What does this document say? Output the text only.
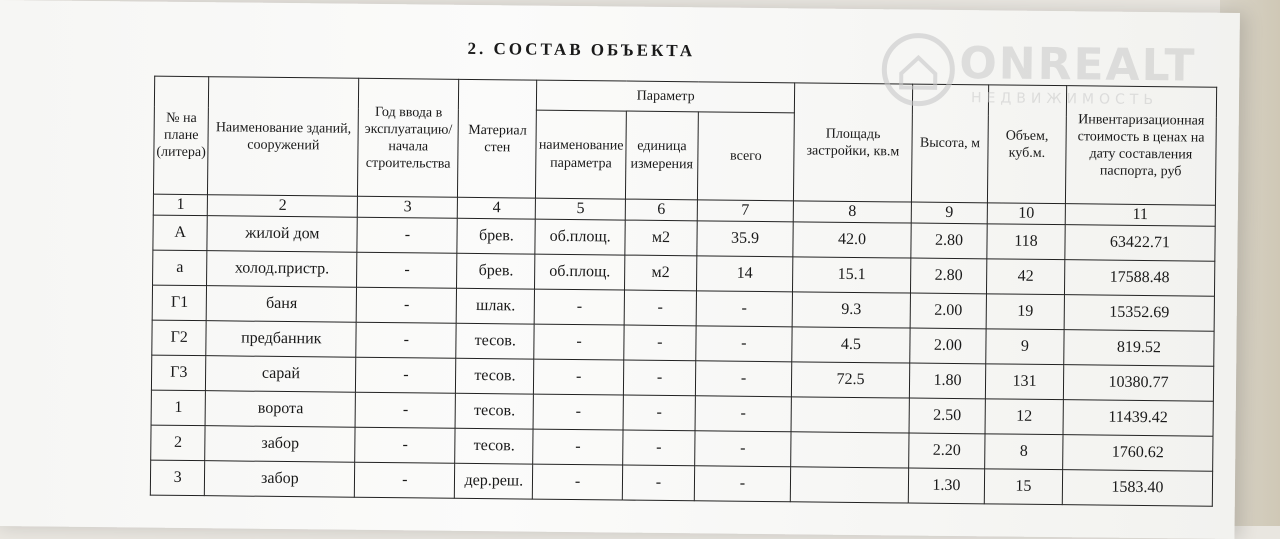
2. СОСТАВ ОБЪЕКТА
№ на плане (литера)	Наименование зданий, сооружений	Год ввода в эксплуатацию/начала строительства	Материал стен	Параметр			Площадь застройки, кв.м	Высота, м	Объем, куб.м.	Инвентаризационная стоимость в ценах на дату составления паспорта, руб
				наименование параметра	единица измерения	всего				
1	2	3	4	5	6	7	8	9	10	11
А	жилой дом	-	брев.	об.площ.	м2	35.9	42.0	2.80	118	63422.71
а	холод.пристр.	-	брев.	об.площ.	м2	14	15.1	2.80	42	17588.48
Г1	баня	-	шлак.	-	-	-	9.3	2.00	19	15352.69
Г2	предбанник	-	тесов.	-	-	-	4.5	2.00	9	819.52
Г3	сарай	-	тесов.	-	-	-	72.5	1.80	131	10380.77
1	ворота	-	тесов.	-	-	-		2.50	12	11439.42
2	забор	-	тесов.	-	-	-		2.20	8	1760.62
3	забор	-	дер.реш.	-	-	-		1.30	15	1583.40
ONREALT
НЕДВИЖИМОСТЬ
